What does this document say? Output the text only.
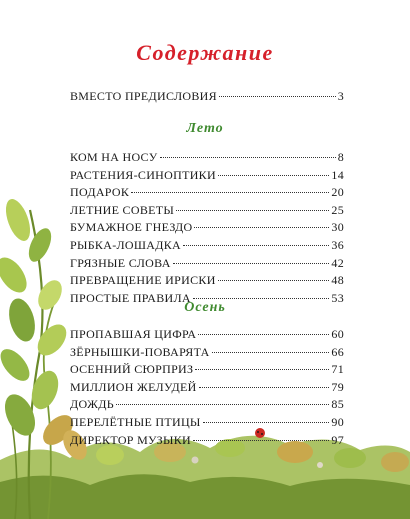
Содержание
ВМЕСТО ПРЕДИСЛОВИЯ	3
Лето
КОМ НА НОСУ	8
РАСТЕНИЯ-СИНОПТИКИ	14
ПОДАРОК	20
ЛЕТНИЕ СОВЕТЫ	25
БУМАЖНОЕ ГНЕЗДО	30
РЫБКА-ЛОШАДКА	36
ГРЯЗНЫЕ СЛОВА	42
ПРЕВРАЩЕНИЕ ИРИСКИ	48
ПРОСТЫЕ ПРАВИЛА	53
Осень
ПРОПАВШАЯ ЦИФРА	60
ЗЁРНЫШКИ-ПОВАРЯТА	66
ОСЕННИЙ СЮРПРИЗ	71
МИЛЛИОН ЖЕЛУДЕЙ	79
ДОЖДЬ	85
ПЕРЕЛЁТНЫЕ ПТИЦЫ	90
ДИРЕКТОР МУЗЫКИ	97
